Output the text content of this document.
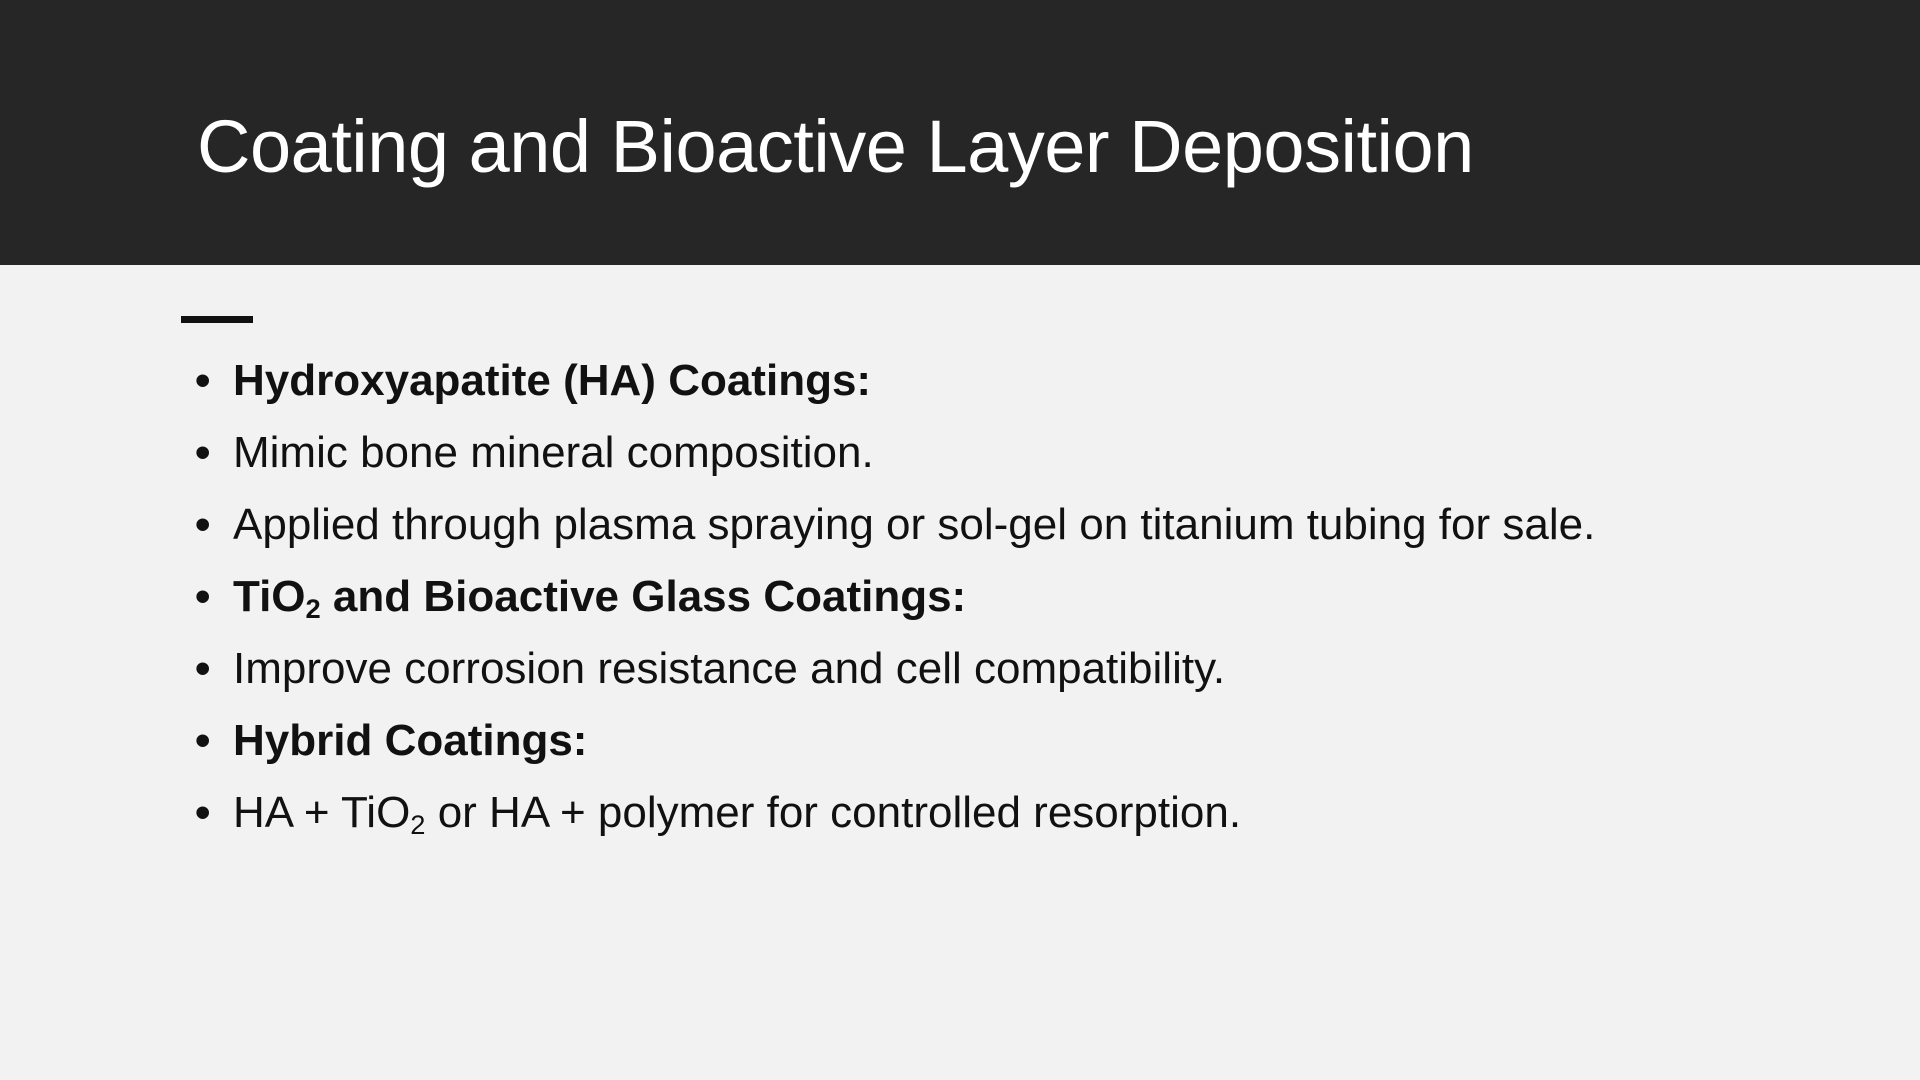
Coating and Bioactive Layer Deposition
• Hydroxyapatite (HA) Coatings:
• Mimic bone mineral composition.
• Applied through plasma spraying or sol-gel on titanium tubing for sale.
• TiO$_2$ and Bioactive Glass Coatings:
• Improve corrosion resistance and cell compatibility.
• Hybrid Coatings:
• HA + TiO$_2$ or HA + polymer for controlled resorption.
